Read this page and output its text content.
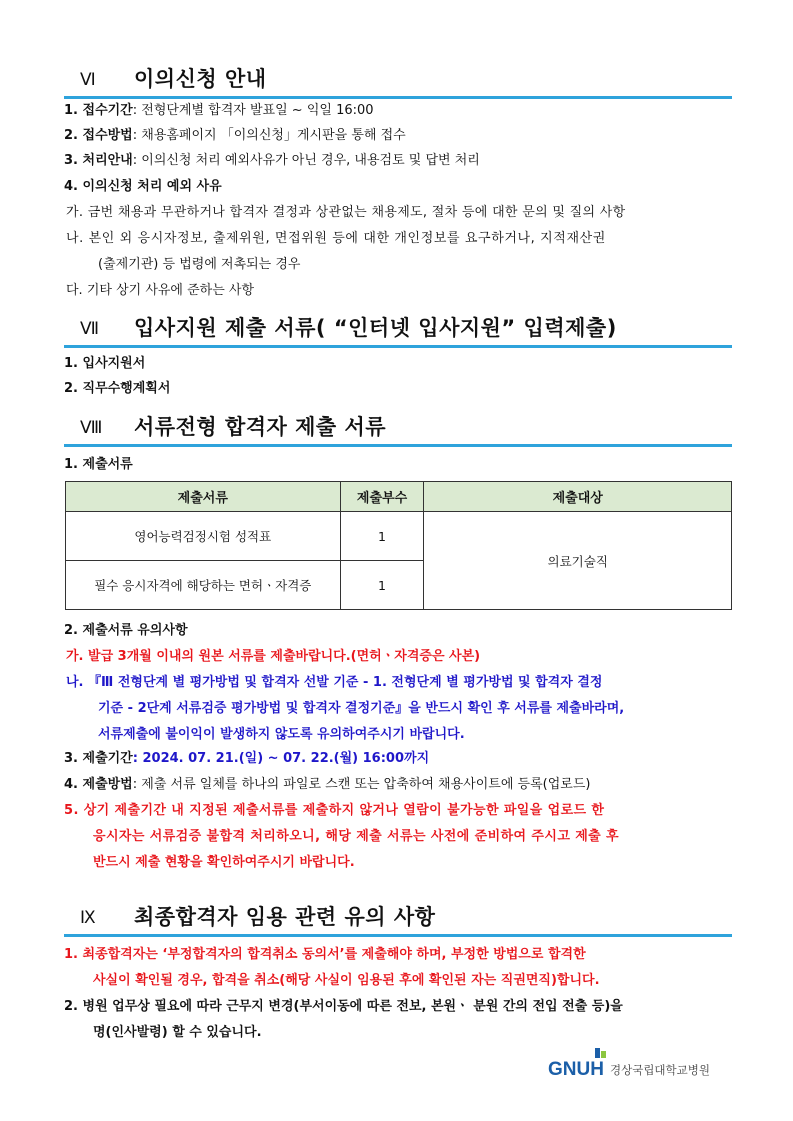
Ⅵ 이의신청 안내
1. 접수기간: 전형단계별 합격자 발표일 ~ 익일 16:00
2. 접수방법: 채용홈페이지 「이의신청」게시판을 통해 접수
3. 처리안내: 이의신청 처리 예외사유가 아닌 경우, 내용검토 및 답변 처리
4. 이의신청 처리 예외 사유
가. 금번 채용과 무관하거나 합격자 결정과 상관없는 채용제도, 절차 등에 대한 문의 및 질의 사항
나. 본인 외 응시자정보, 출제위원, 면접위원 등에 대한 개인정보를 요구하거나, 지적재산권
(출제기관) 등 법령에 저촉되는 경우
다. 기타 상기 사유에 준하는 사항
Ⅶ 입사지원 제출 서류( “인터넷 입사지원” 입력제출)
1. 입사지원서
2. 직무수행계획서
Ⅷ 서류전형 합격자 제출 서류
1. 제출서류
제출서류	제출부수	제출대상
영어능력검정시험 성적표	1	의료기술직
필수 응시자격에 해당하는 면허ㆍ자격증	1	
2. 제출서류 유의사항
가. 발급 3개월 이내의 원본 서류를 제출바랍니다.(면허ㆍ자격증은 사본)
나. 『Ⅲ 전형단계 별 평가방법 및 합격자 선발 기준 - 1. 전형단계 별 평가방법 및 합격자 결정
기준 - 2단계 서류검증 평가방법 및 합격자 결정기준』을 반드시 확인 후 서류를 제출바라며,
서류제출에 불이익이 발생하지 않도록 유의하여주시기 바랍니다.
3. 제출기간: 2024. 07. 21.(일) ~ 07. 22.(월) 16:00까지
4. 제출방법: 제출 서류 일체를 하나의 파일로 스캔 또는 압축하여 채용사이트에 등록(업로드)
5. 상기 제출기간 내 지정된 제출서류를 제출하지 않거나 열람이 불가능한 파일을 업로드 한
응시자는 서류검증 불합격 처리하오니, 해당 제출 서류는 사전에 준비하여 주시고 제출 후
반드시 제출 현황을 확인하여주시기 바랍니다.
Ⅸ 최종합격자 임용 관련 유의 사항
1. 최종합격자는 ‘부정합격자의 합격취소 동의서’를 제출해야 하며, 부정한 방법으로 합격한
사실이 확인될 경우, 합격을 취소(해당 사실이 임용된 후에 확인된 자는 직권면직)합니다.
2. 병원 업무상 필요에 따라 근무지 변경(부서이동에 따른 전보, 본원ㆍ 분원 간의 전입 전출 등)을
명(인사발령) 할 수 있습니다.
GNUH 경상국립대학교병원
